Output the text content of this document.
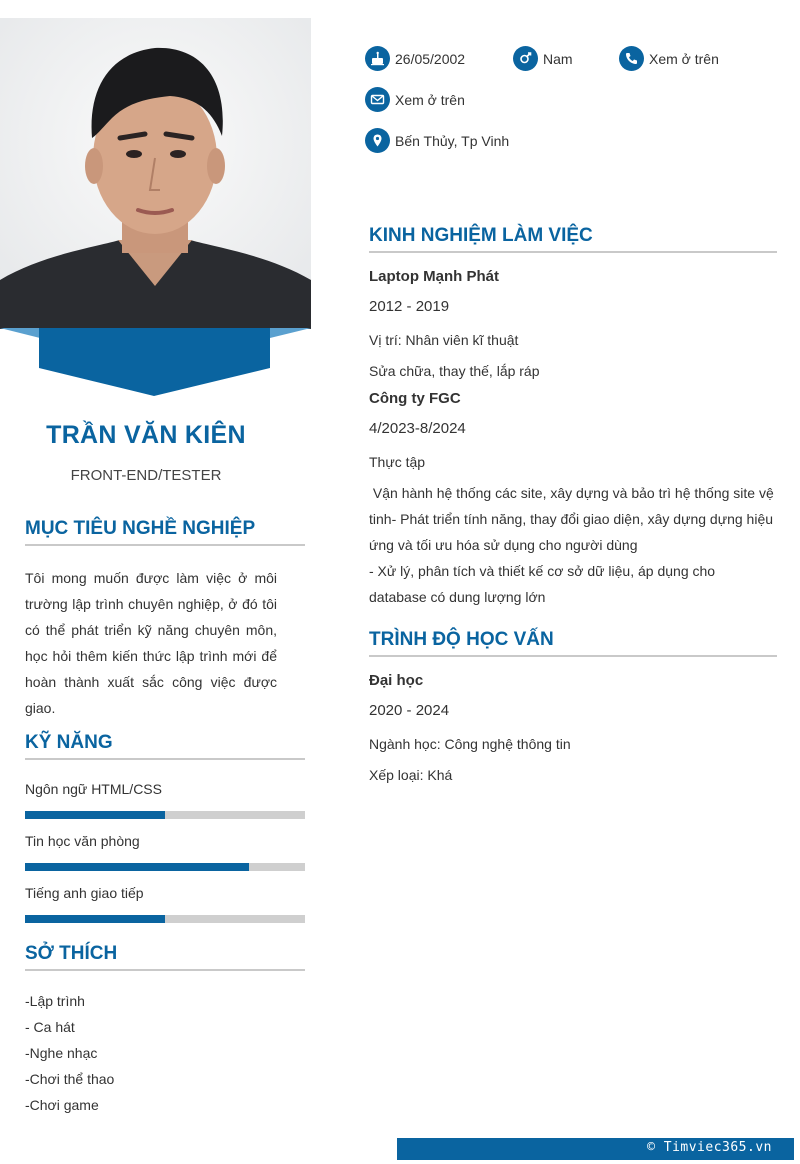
TRẦN VĂN KIÊN
FRONT-END/TESTER
MỤC TIÊU NGHỀ NGHIỆP
Tôi mong muốn được làm việc ở môi trường lập trình chuyên nghiệp, ở đó tôi có thể phát triển kỹ năng chuyên môn, học hỏi thêm kiến thức lập trình mới để hoàn thành xuất sắc công việc được giao.
KỸ NĂNG
Ngôn ngữ HTML/CSS
Tin học văn phòng
Tiếng anh giao tiếp
SỞ THÍCH
-Lập trình
- Ca hát
-Nghe nhạc
-Chơi thể thao
-Chơi game
26/05/2002	Nam	Xem ở trên
Xem ở trên
Bến Thủy, Tp Vinh
KINH NGHIỆM LÀM VIỆC
Laptop Mạnh Phát
2012 - 2019
Vị trí: Nhân viên kĩ thuật
Sửa chữa, thay thế, lắp ráp
Công ty FGC
4/2023-8/2024
Thực tập
Vận hành hệ thống các site, xây dựng và bảo trì hệ thống site vệ tinh- Phát triển tính năng, thay đổi giao diện, xây dựng dựng hiệu ứng và tối ưu hóa sử dụng cho người dùng
- Xử lý, phân tích và thiết kế cơ sở dữ liệu, áp dụng cho database có dung lượng lớn
TRÌNH ĐỘ HỌC VẤN
Đại học
2020 - 2024
Ngành học: Công nghệ thông tin
Xếp loại: Khá
© Timviec365.vn
